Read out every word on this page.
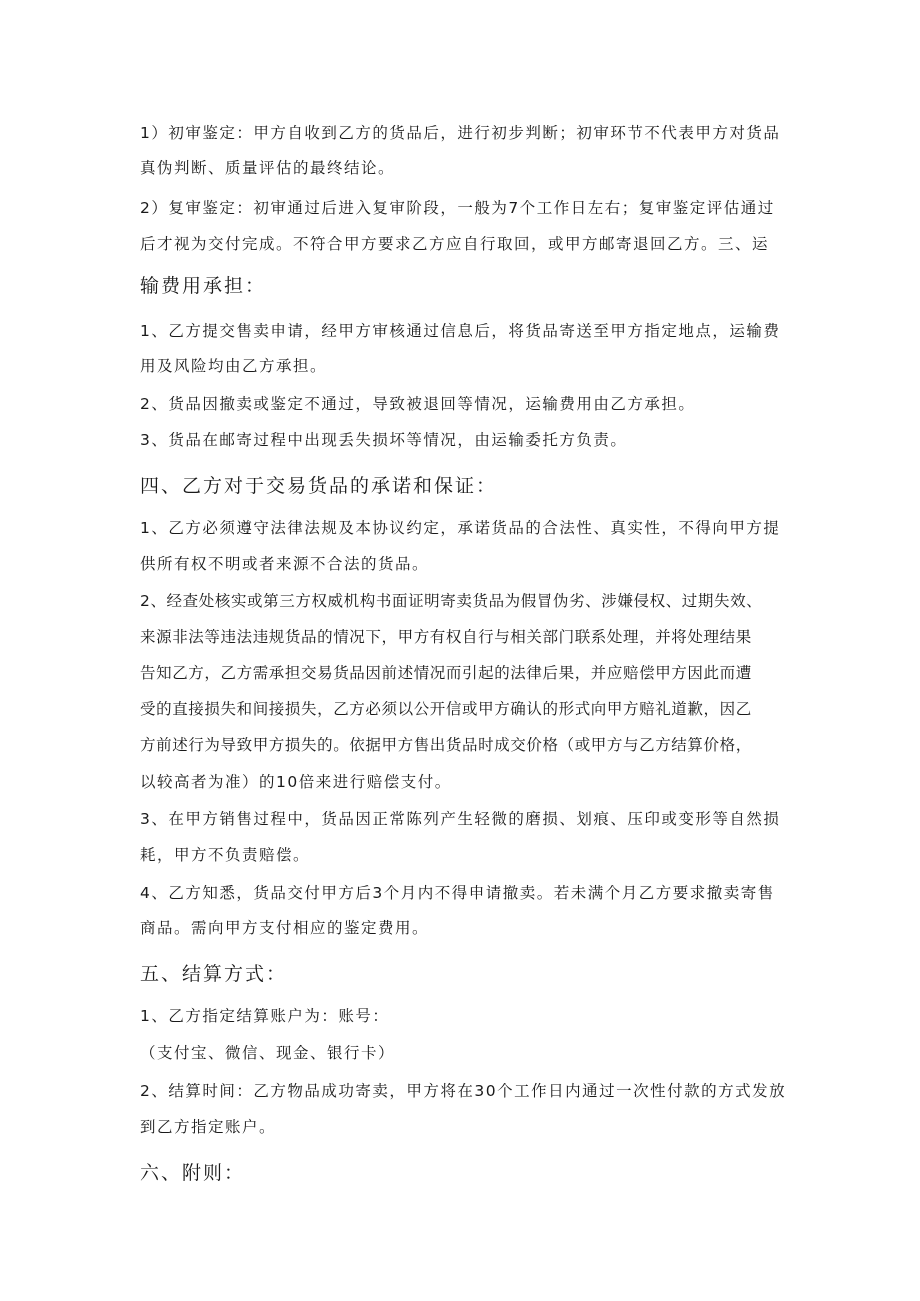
1）初审鉴定：甲方自收到乙方的货品后，进行初步判断；初审环节不代表甲方对货品

真伪判断、质量评估的最终结论。

2）复审鉴定：初审通过后进入复审阶段，一般为7个工作日左右；复审鉴定评估通过

后才视为交付完成。不符合甲方要求乙方应自行取回，或甲方邮寄退回乙方。三、运

输费用承担：

1、乙方提交售卖申请，经甲方审核通过信息后，将货品寄送至甲方指定地点，运输费

用及风险均由乙方承担。

2、货品因撤卖或鉴定不通过，导致被退回等情况，运输费用由乙方承担。

3、货品在邮寄过程中出现丢失损坏等情况，由运输委托方负责。

四、乙方对于交易货品的承诺和保证：

1、乙方必须遵守法律法规及本协议约定，承诺货品的合法性、真实性，不得向甲方提

供所有权不明或者来源不合法的货品。

2、经查处核实或第三方权威机构书面证明寄卖货品为假冒伪劣、涉嫌侵权、过期失效、

来源非法等违法违规货品的情况下，甲方有权自行与相关部门联系处理，并将处理结果

告知乙方，乙方需承担交易货品因前述情况而引起的法律后果，并应赔偿甲方因此而遭

受的直接损失和间接损失，乙方必须以公开信或甲方确认的形式向甲方赔礼道歉，因乙

方前述行为导致甲方损失的。依据甲方售出货品时成交价格（或甲方与乙方结算价格，

以较高者为准）的10倍来进行赔偿支付。

3、在甲方销售过程中，货品因正常陈列产生轻微的磨损、划痕、压印或变形等自然损

耗，甲方不负责赔偿。

4、乙方知悉，货品交付甲方后3个月内不得申请撤卖。若未满个月乙方要求撤卖寄售

商品。需向甲方支付相应的鉴定费用。

五、结算方式：

1、乙方指定结算账户为：账号：

（支付宝、微信、现金、银行卡）

2、结算时间：乙方物品成功寄卖，甲方将在30个工作日内通过一次性付款的方式发放

到乙方指定账户。

六、附则：
